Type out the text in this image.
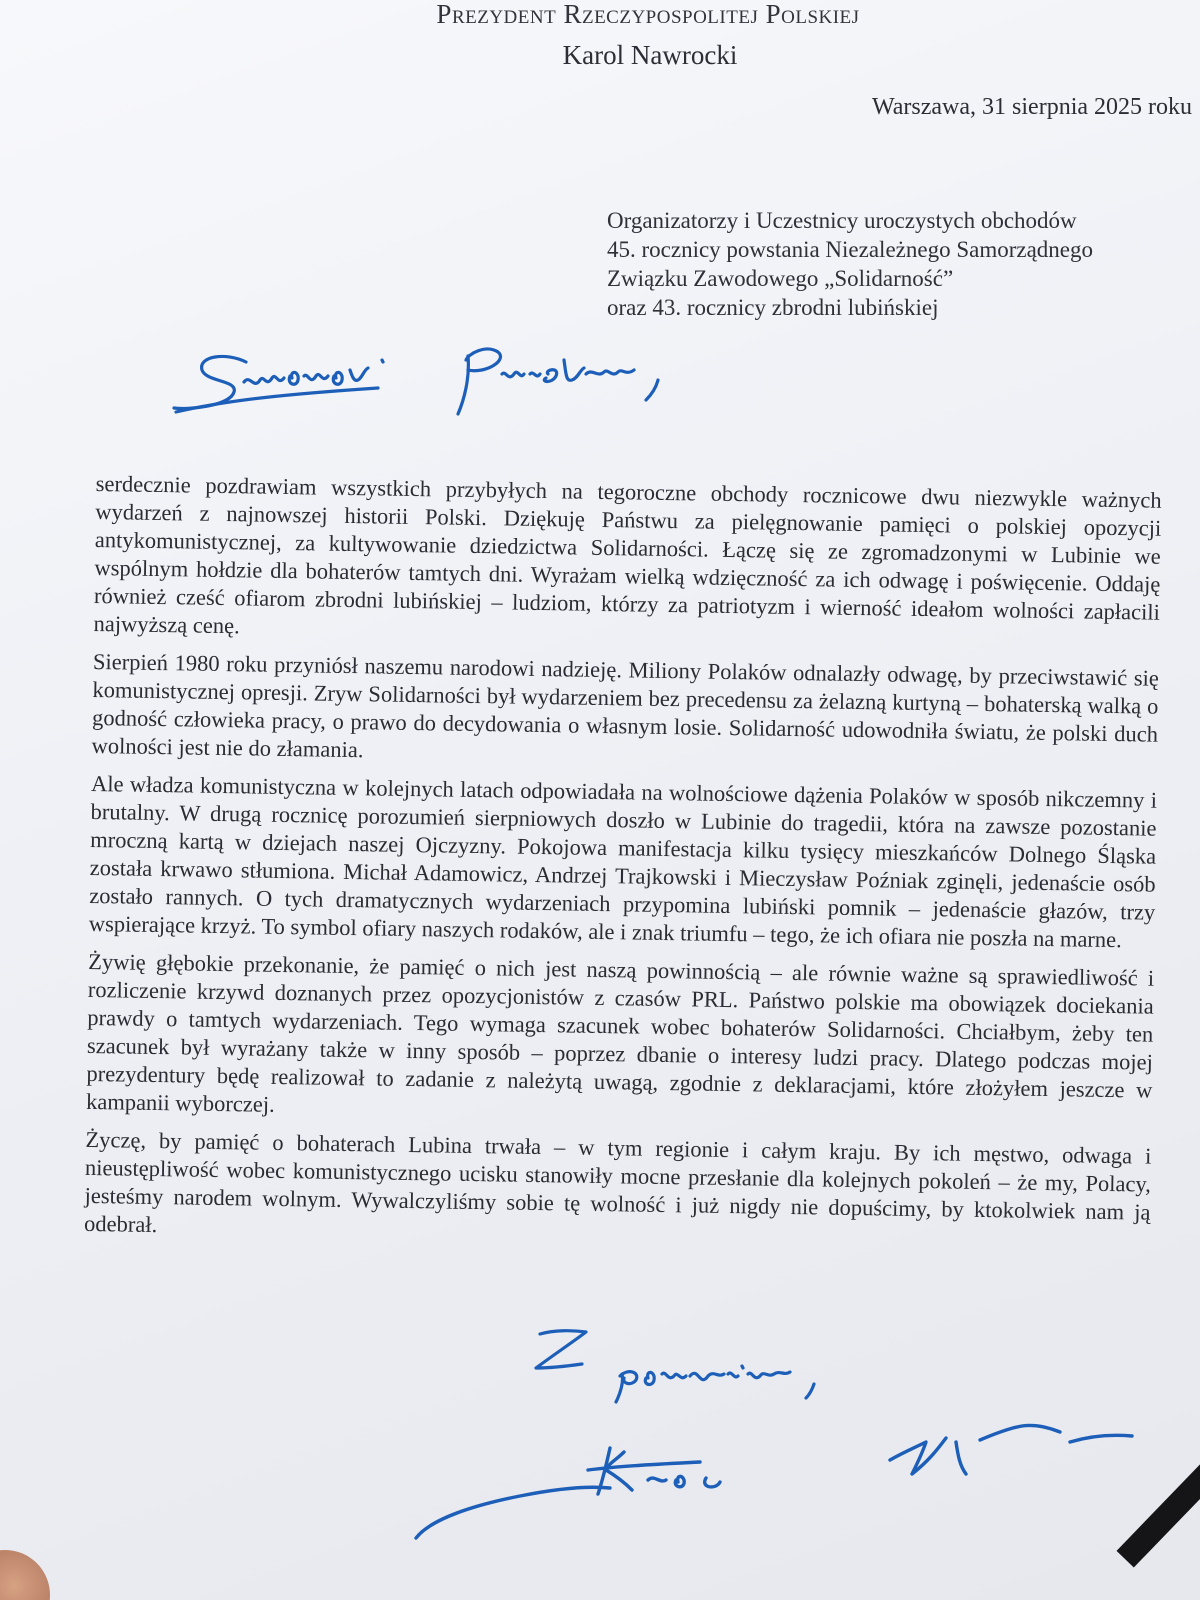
Prezydent Rzeczypospolitej Polskiej
Karol Nawrocki
Warszawa, 31 sierpnia 2025 roku
Organizatorzy i Uczestnicy uroczystych obchodów
45. rocznicy powstania Niezależnego Samorządnego
Związku Zawodowego „Solidarność”
oraz 43. rocznicy zbrodni lubińskiej

serdecznie pozdrawiam wszystkich przybyłych na tegoroczne obchody rocznicowe dwu niezwykle ważnych wydarzeń z najnowszej historii Polski. Dziękuję Państwu za pielęgnowanie pamięci o polskiej opozycji antykomunistycznej, za kultywowanie dziedzictwa Solidarności. Łączę się ze zgromadzonymi w Lubinie we wspólnym hołdzie dla bohaterów tamtych dni. Wyrażam wielką wdzięczność za ich odwagę i poświęcenie. Oddaję również cześć ofiarom zbrodni lubińskiej – ludziom, którzy za patriotyzm i wierność ideałom wolności zapłacili najwyższą cenę.

Sierpień 1980 roku przyniósł naszemu narodowi nadzieję. Miliony Polaków odnalazły odwagę, by przeciwstawić się komunistycznej opresji. Zryw Solidarności był wydarzeniem bez precedensu za żelazną kurtyną – bohaterską walką o godność człowieka pracy, o prawo do decydowania o własnym losie. Solidarność udowodniła światu, że polski duch wolności jest nie do złamania.

Ale władza komunistyczna w kolejnych latach odpowiadała na wolnościowe dążenia Polaków w sposób nikczemny i brutalny. W drugą rocznicę porozumień sierpniowych doszło w Lubinie do tragedii, która na zawsze pozostanie mroczną kartą w dziejach naszej Ojczyzny. Pokojowa manifestacja kilku tysięcy mieszkańców Dolnego Śląska została krwawo stłumiona. Michał Adamowicz, Andrzej Trajkowski i Mieczysław Poźniak zginęli, jedenaście osób zostało rannych. O tych dramatycznych wydarzeniach przypomina lubiński pomnik – jedenaście głazów, trzy wspierające krzyż. To symbol ofiary naszych rodaków, ale i znak triumfu – tego, że ich ofiara nie poszła na marne.

Żywię głębokie przekonanie, że pamięć o nich jest naszą powinnością – ale równie ważne są sprawiedliwość i rozliczenie krzywd doznanych przez opozycjonistów z czasów PRL. Państwo polskie ma obowiązek dociekania prawdy o tamtych wydarzeniach. Tego wymaga szacunek wobec bohaterów Solidarności. Chciałbym, żeby ten szacunek był wyrażany także w inny sposób – poprzez dbanie o interesy ludzi pracy. Dlatego podczas mojej prezydentury będę realizował to zadanie z należytą uwagą, zgodnie z deklaracjami, które złożyłem jeszcze w kampanii wyborczej.

Życzę, by pamięć o bohaterach Lubina trwała – w tym regionie i całym kraju. By ich męstwo, odwaga i nieustępliwość wobec komunistycznego ucisku stanowiły mocne przesłanie dla kolejnych pokoleń – że my, Polacy, jesteśmy narodem wolnym. Wywalczyliśmy sobie tę wolność i już nigdy nie dopuścimy, by ktokolwiek nam ją odebrał.
